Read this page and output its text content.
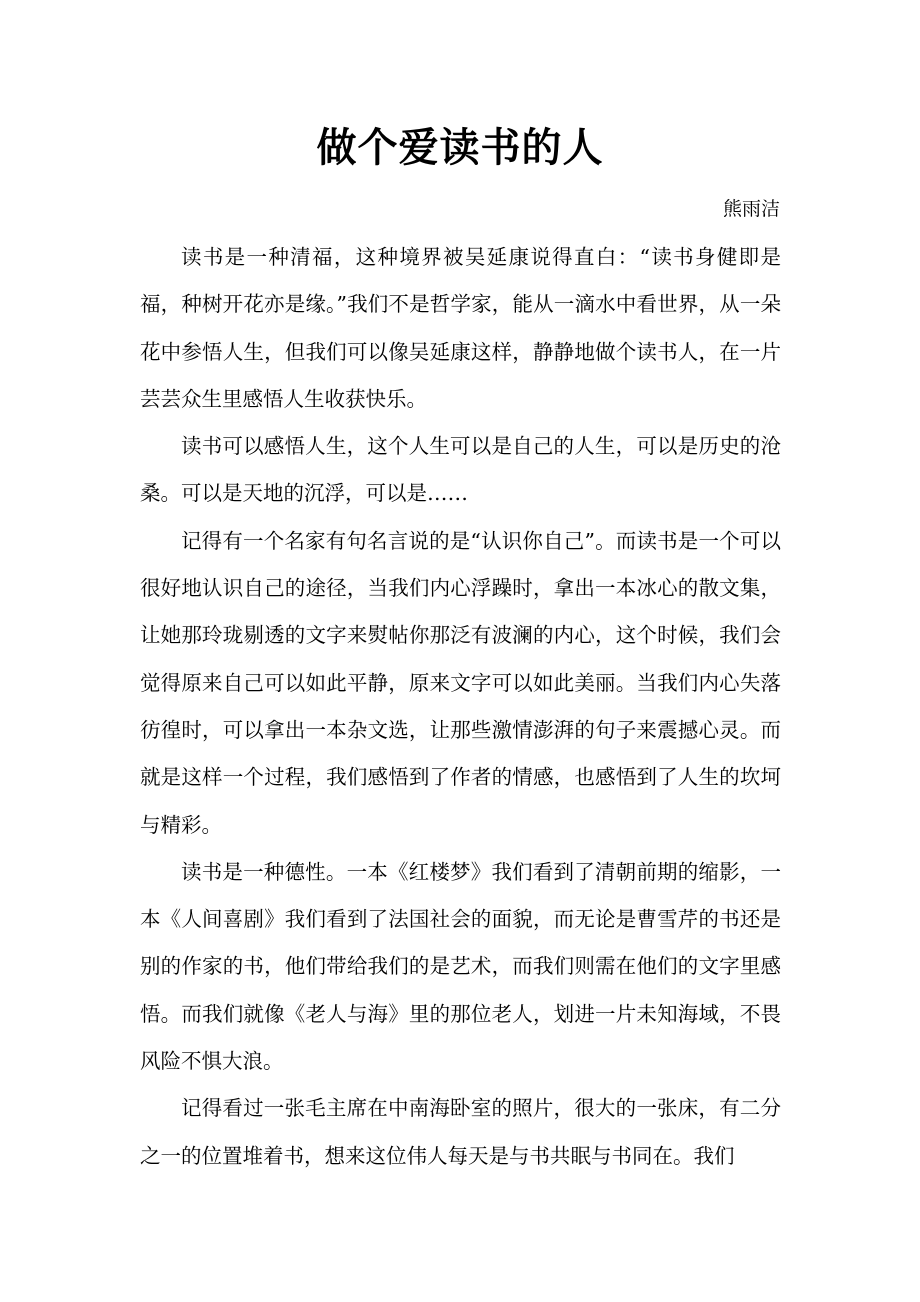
做个爱读书的人
熊雨洁

读书是一种清福，这种境界被吴延康说得直白：“读书身健即是福，种树开花亦是缘。”我们不是哲学家，能从一滴水中看世界，从一朵花中参悟人生，但我们可以像吴延康这样，静静地做个读书人，在一片芸芸众生里感悟人生收获快乐。

读书可以感悟人生，这个人生可以是自己的人生，可以是历史的沧桑。可以是天地的沉浮，可以是……

记得有一个名家有句名言说的是“认识你自己”。而读书是一个可以很好地认识自己的途径，当我们内心浮躁时，拿出一本冰心的散文集，让她那玲珑剔透的文字来熨帖你那泛有波澜的内心，这个时候，我们会觉得原来自己可以如此平静，原来文字可以如此美丽。当我们内心失落彷徨时，可以拿出一本杂文选，让那些激情澎湃的句子来震撼心灵。而就是这样一个过程，我们感悟到了作者的情感，也感悟到了人生的坎坷与精彩。

读书是一种德性。一本《红楼梦》我们看到了清朝前期的缩影，一本《人间喜剧》我们看到了法国社会的面貌，而无论是曹雪芹的书还是别的作家的书，他们带给我们的是艺术，而我们则需在他们的文字里感悟。而我们就像《老人与海》里的那位老人，划进一片未知海域，不畏风险不惧大浪。

记得看过一张毛主席在中南海卧室的照片，很大的一张床，有二分之一的位置堆着书，想来这位伟人每天是与书共眠与书同在。我们
